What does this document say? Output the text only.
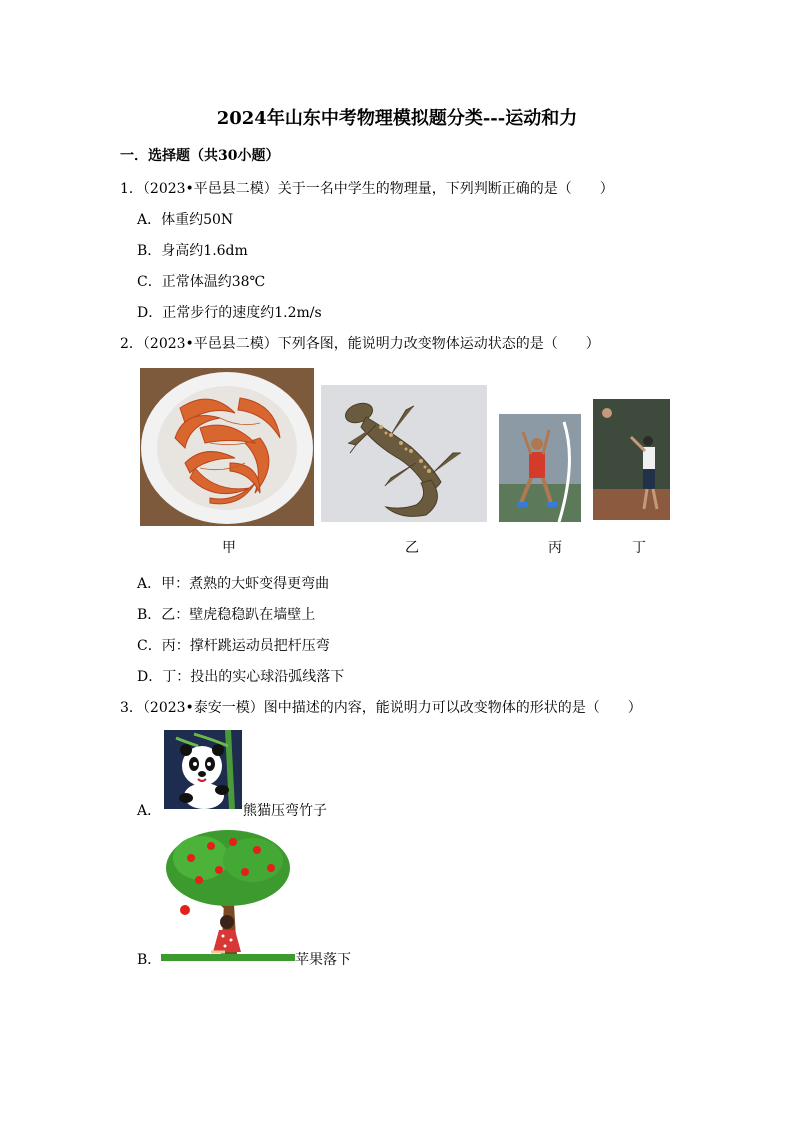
2024年山东中考物理模拟题分类---运动和力
一．选择题（共30小题）
1．（2023•平邑县二模）关于一名中学生的物理量，下列判断正确的是（　　）
A．体重约50N
B．身高约1.6dm
C．正常体温约38℃
D．正常步行的速度约1.2m/s
2．（2023•平邑县二模）下列各图，能说明力改变物体运动状态的是（　　）
甲	乙	丙	丁
A．甲：煮熟的大虾变得更弯曲
B．乙：壁虎稳稳趴在墙壁上
C．丙：撑杆跳运动员把杆压弯
D．丁：投出的实心球沿弧线落下
3．（2023•泰安一模）图中描述的内容，能说明力可以改变物体的形状的是（　　）
A．	熊猫压弯竹子
B．	苹果落下
